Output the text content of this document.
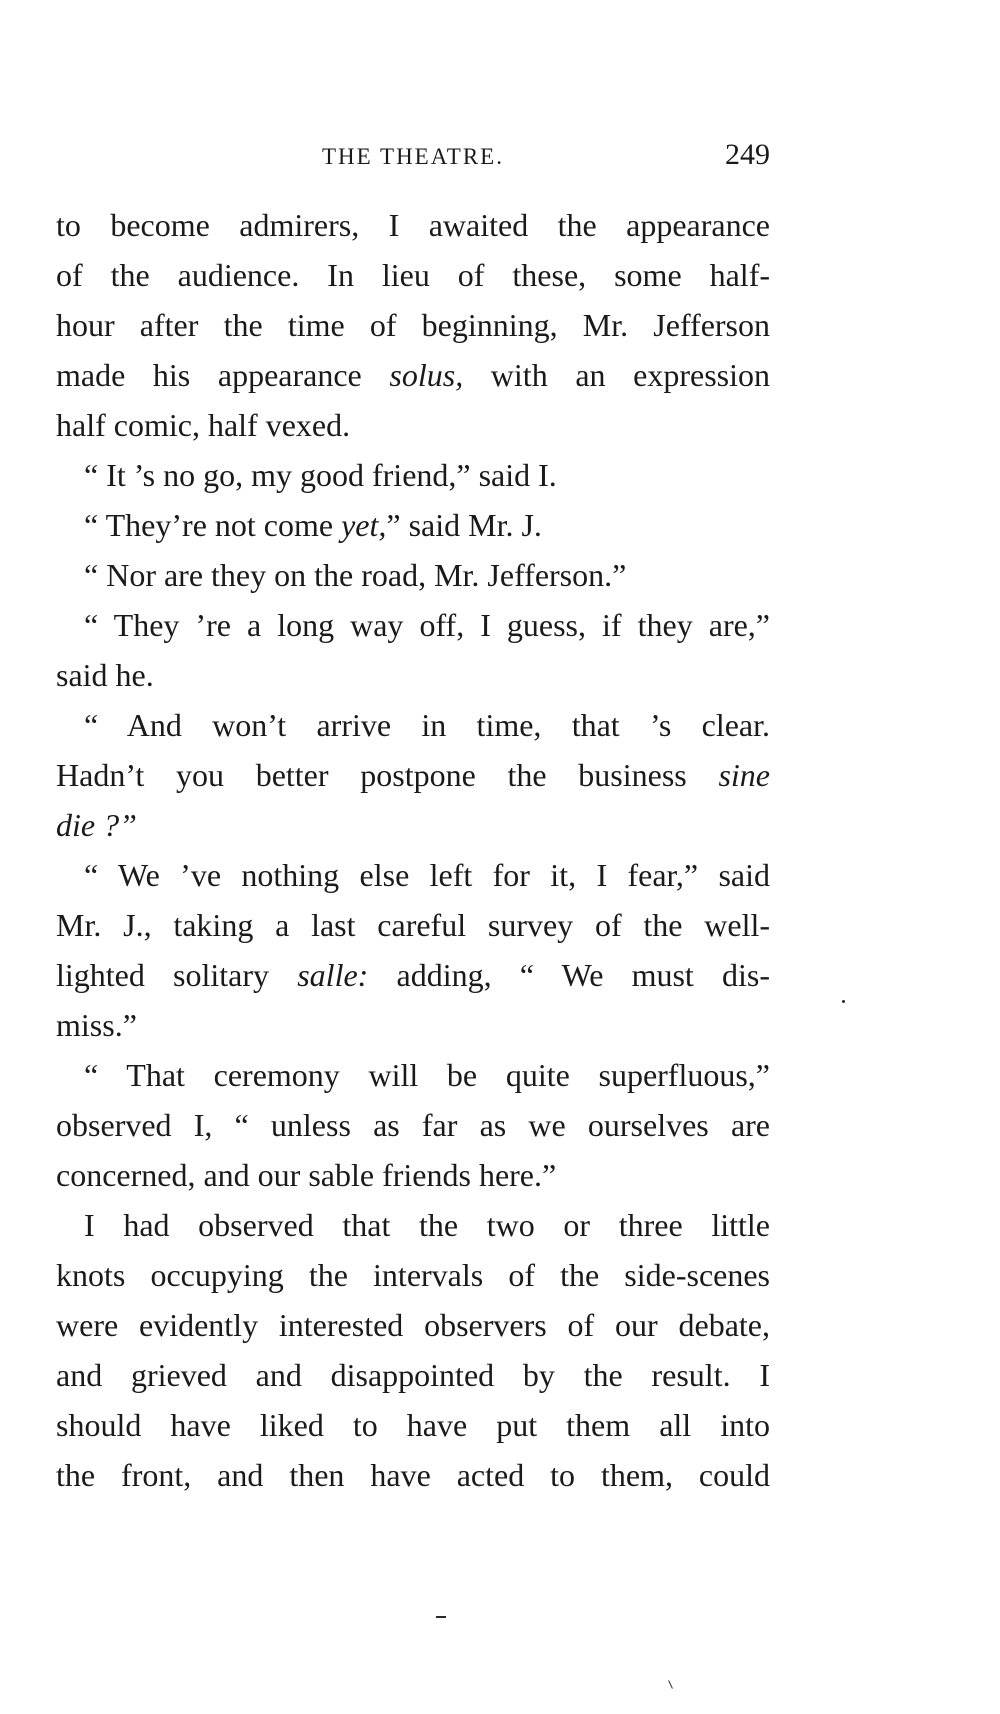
THE THEATRE.	249
to become admirers, I awaited the appearance
of the audience. In lieu of these, some half-
hour after the time of beginning, Mr. Jefferson
made his appearance solus, with an expression
half comic, half vexed.
“ It ’s no go, my good friend,” said I.
“ They’re not come yet,” said Mr. J.
“ Nor are they on the road, Mr. Jefferson.”
“ They ’re a long way off, I guess, if they are,”
said he.
“ And won’t arrive in time, that ’s clear.
Hadn’t you better postpone the business sine
die ?”
“ We ’ve nothing else left for it, I fear,” said
Mr. J., taking a last careful survey of the well-
lighted solitary salle: adding, “ We must dis-
miss.”
“ That ceremony will be quite superfluous,”
observed I, “ unless as far as we ourselves are
concerned, and our sable friends here.”
I had observed that the two or three little
knots occupying the intervals of the side-scenes
were evidently interested observers of our debate,
and grieved and disappointed by the result. I
should have liked to have put them all into
the front, and then have acted to them, could
